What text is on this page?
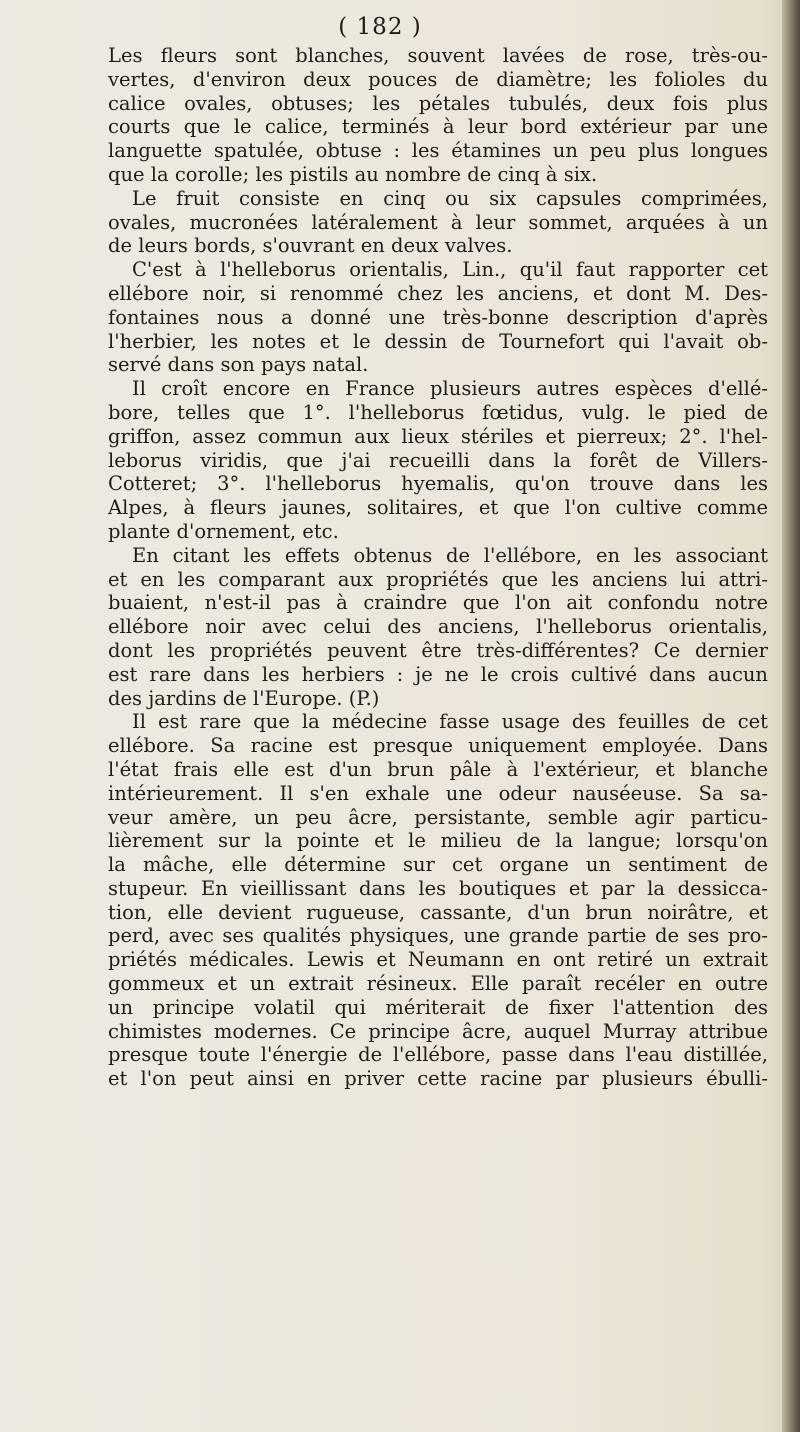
( 182 )
Les fleurs sont blanches, souvent lavées de rose, très-ou-
vertes, d'environ deux pouces de diamètre; les folioles du
calice ovales, obtuses; les pétales tubulés, deux fois plus
courts que le calice, terminés à leur bord extérieur par une
languette spatulée, obtuse : les étamines un peu plus longues
que la corolle; les pistils au nombre de cinq à six.
Le fruit consiste en cinq ou six capsules comprimées,
ovales, mucronées latéralement à leur sommet, arquées à un
de leurs bords, s'ouvrant en deux valves.
C'est à l'helleborus orientalis, Lin., qu'il faut rapporter cet
ellébore noir, si renommé chez les anciens, et dont M. Des-
fontaines nous a donné une très-bonne description d'après
l'herbier, les notes et le dessin de Tournefort qui l'avait ob-
servé dans son pays natal.
Il croît encore en France plusieurs autres espèces d'ellé-
bore, telles que 1°. l'helleborus fœtidus, vulg. le pied de
griffon, assez commun aux lieux stériles et pierreux; 2°. l'hel-
leborus viridis, que j'ai recueilli dans la forêt de Villers-
Cotteret; 3°. l'helleborus hyemalis, qu'on trouve dans les
Alpes, à fleurs jaunes, solitaires, et que l'on cultive comme
plante d'ornement, etc.
En citant les effets obtenus de l'ellébore, en les associant
et en les comparant aux propriétés que les anciens lui attri-
buaient, n'est-il pas à craindre que l'on ait confondu notre
ellébore noir avec celui des anciens, l'helleborus orientalis,
dont les propriétés peuvent être très-différentes? Ce dernier
est rare dans les herbiers : je ne le crois cultivé dans aucun
des jardins de l'Europe. (P.)
Il est rare que la médecine fasse usage des feuilles de cet
ellébore. Sa racine est presque uniquement employée. Dans
l'état frais elle est d'un brun pâle à l'extérieur, et blanche
intérieurement. Il s'en exhale une odeur nauséeuse. Sa sa-
veur amère, un peu âcre, persistante, semble agir particu-
lièrement sur la pointe et le milieu de la langue; lorsqu'on
la mâche, elle détermine sur cet organe un sentiment de
stupeur. En vieillissant dans les boutiques et par la dessicca-
tion, elle devient rugueuse, cassante, d'un brun noirâtre, et
perd, avec ses qualités physiques, une grande partie de ses pro-
priétés médicales. Lewis et Neumann en ont retiré un extrait
gommeux et un extrait résineux. Elle paraît recéler en outre
un principe volatil qui mériterait de fixer l'attention des
chimistes modernes. Ce principe âcre, auquel Murray attribue
presque toute l'énergie de l'ellébore, passe dans l'eau distillée,
et l'on peut ainsi en priver cette racine par plusieurs ébulli-
